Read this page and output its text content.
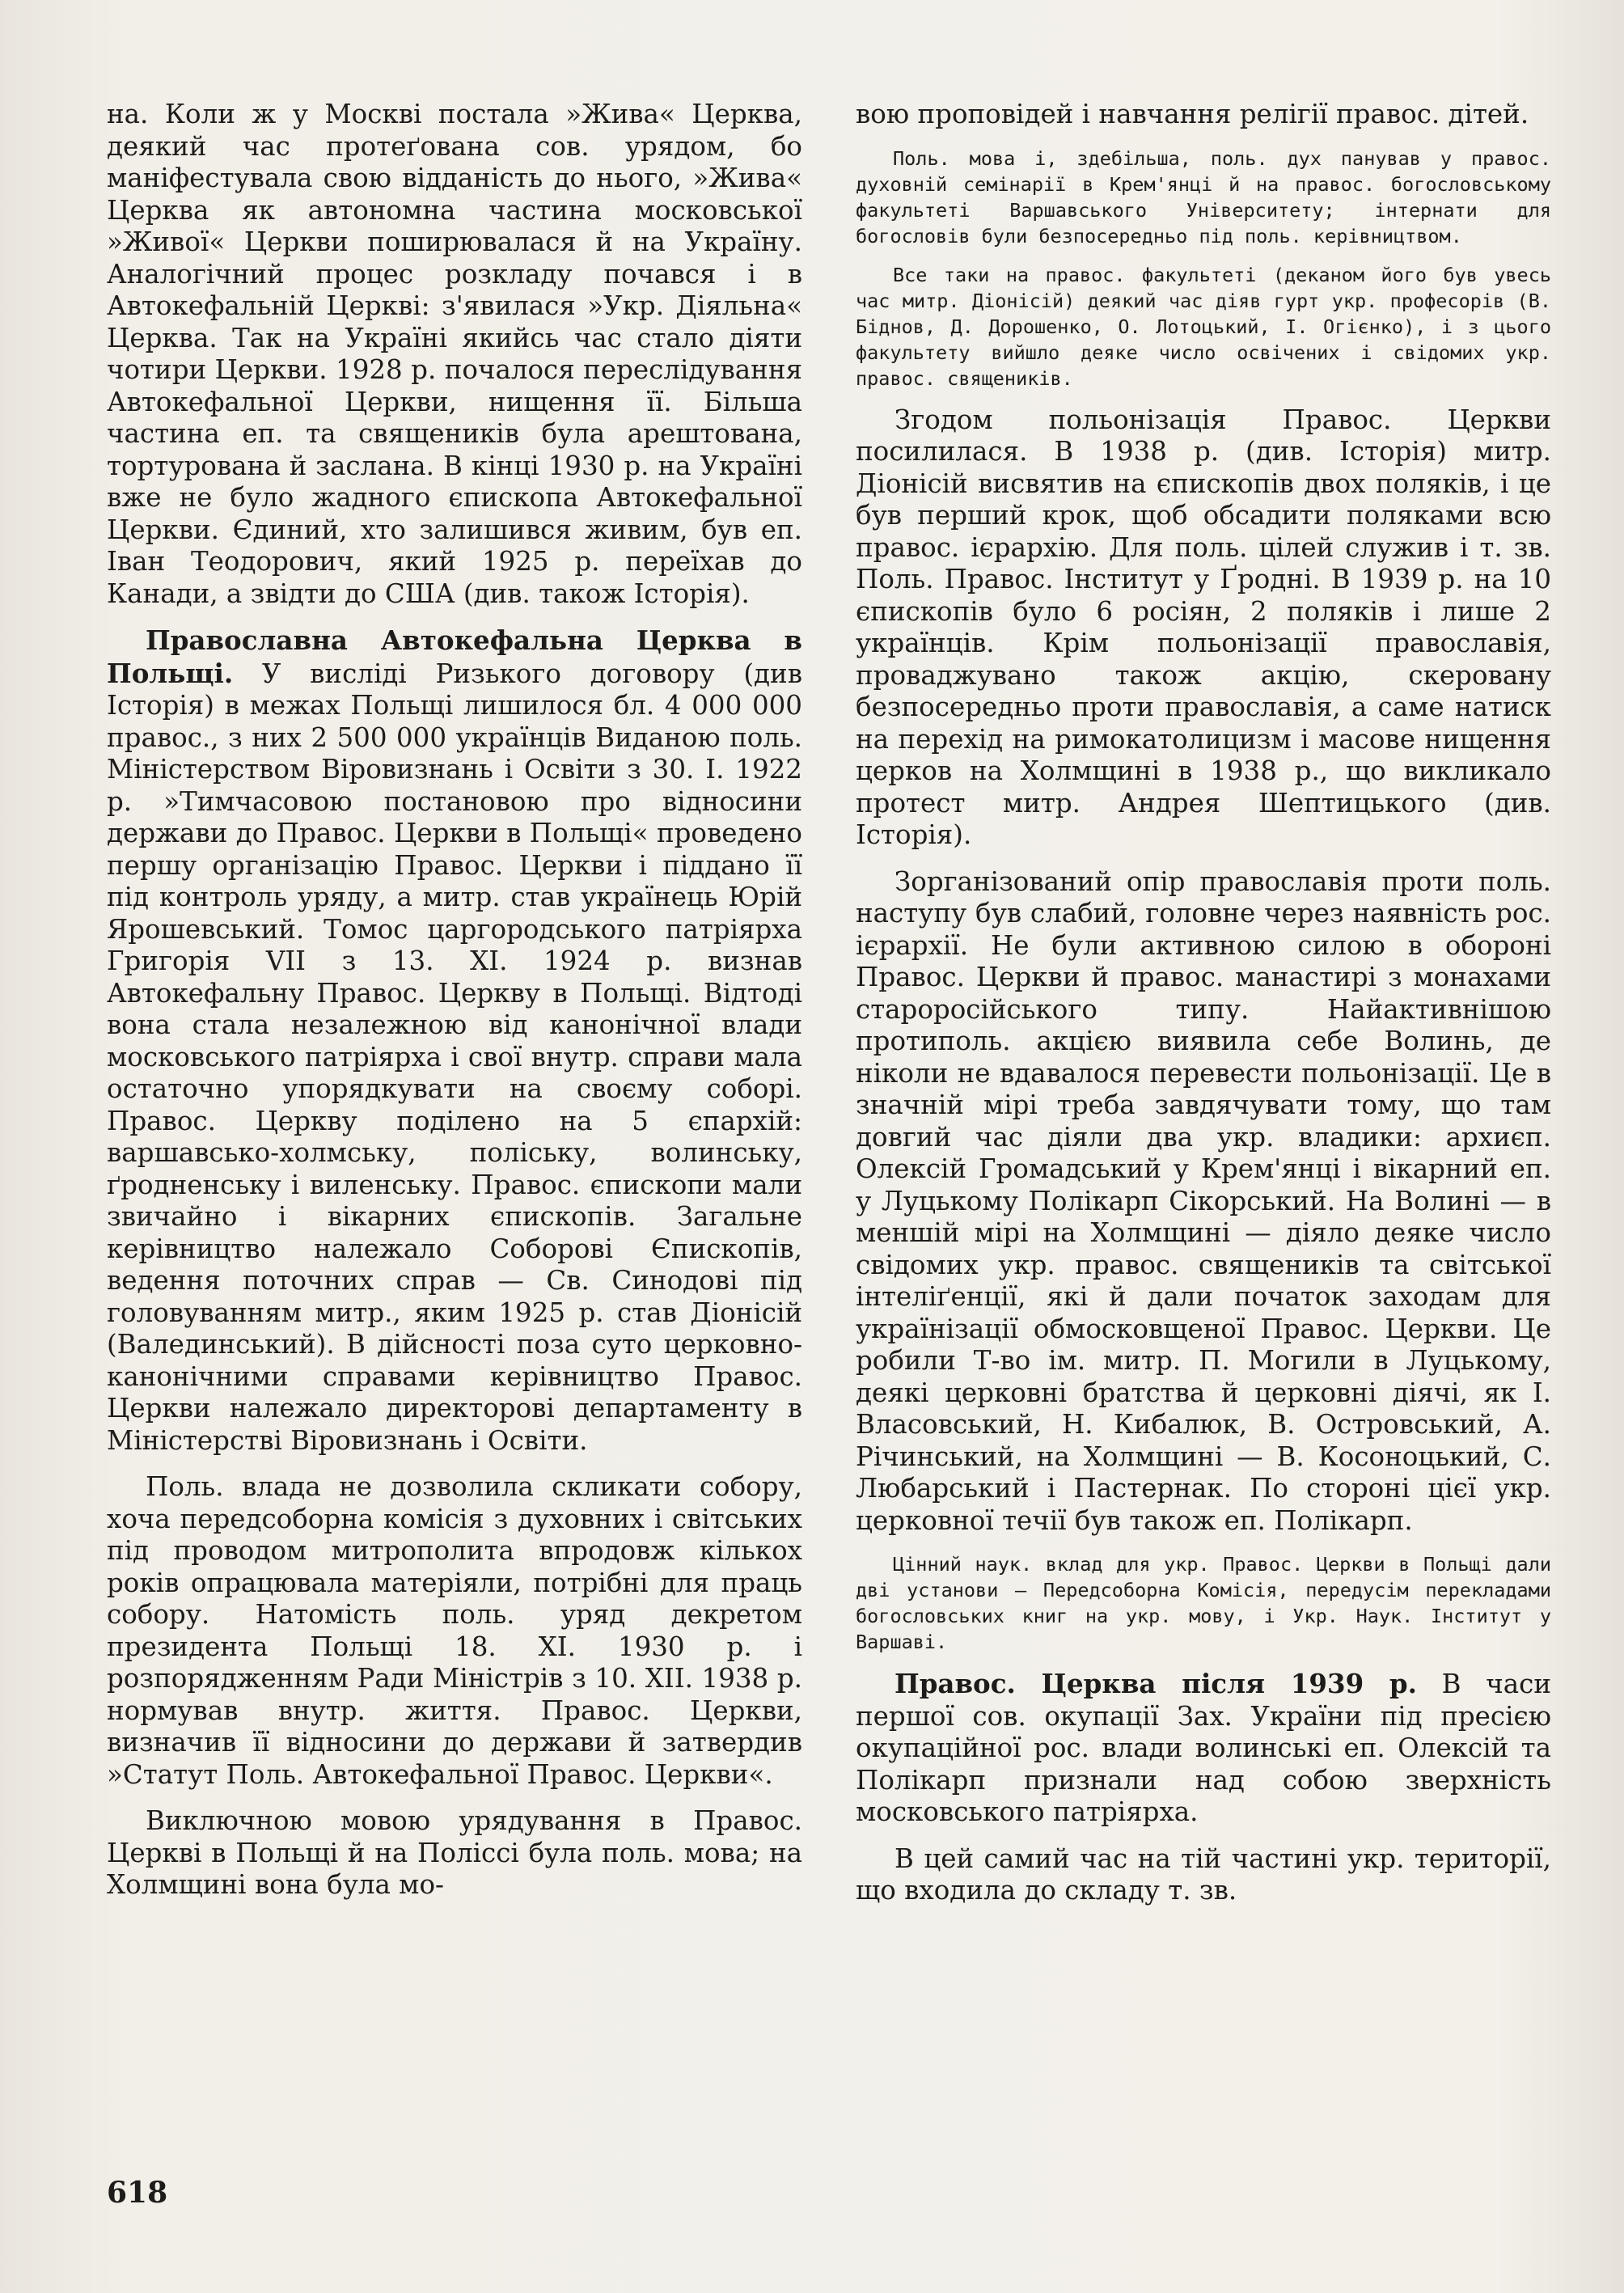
на. Коли ж у Москві постала »Жива« Церква, деякий час протеґована сов. урядом, бо маніфестувала свою відданість до нього, »Жива« Церква як автономна частина московської »Живої« Церкви поширювалася й на Україну. Аналогічний процес розкладу почався і в Автокефальній Церкві: з'явилася »Укр. Діяльна« Церква. Так на Україні якийсь час стало діяти чотири Церкви. 1928 р. почалося переслідування Автокефальної Церкви, нищення її. Більша частина еп. та священиків була арештована, тортурована й заслана. В кінці 1930 р. на Україні вже не було жадного єпископа Автокефальної Церкви. Єдиний, хто залишився живим, був еп. Іван Теодорович, який 1925 р. переїхав до Канади, а звідти до США (див. також Історія).

Православна Автокефальна Церква в Польщі. У висліді Ризького договору (див Історія) в межах Польщі лишилося бл. 4 000 000 правос., з них 2 500 000 українців Виданою поль. Міністерством Віровизнань і Освіти з 30. І. 1922 р. »Тимчасовою постановою про відносини держави до Правос. Церкви в Польщі« проведено першу організацію Правос. Церкви і піддано її під контроль уряду, а митр. став українець Юрій Ярошевський. Томос царгородського патріярха Григорія VII з 13. XI. 1924 р. визнав Автокефальну Правос. Церкву в Польщі. Відтоді вона стала незалежною від канонічної влади московського патріярха і свої внутр. справи мала остаточно упорядкувати на своєму соборі. Правос. Церкву поділено на 5 єпархій: варшавсько-холмську, поліську, волинську, ґродненську і виленську. Правос. єпископи мали звичайно і вікарних єпископів. Загальне керівництво належало Соборові Єпископів, ведення поточних справ — Св. Синодові під головуванням митр., яким 1925 р. став Діонісій (Валединський). В дійсності поза суто церковно-канонічними справами керівництво Правос. Церкви належало директорові департаменту в Міністерстві Віровизнань і Освіти.

Поль. влада не дозволила скликати собору, хоча передсоборна комісія з духовних і світських під проводом митрополита впродовж кількох років опрацювала матеріяли, потрібні для праць собору. Натомість поль. уряд декретом президента Польщі 18. XI. 1930 р. і розпорядженням Ради Міністрів з 10. XII. 1938 р. нормував внутр. життя. Правос. Церкви, визначив її відносини до держави й затвердив »Статут Поль. Автокефальної Правос. Церкви«.

Виключною мовою урядування в Правос. Церкві в Польщі й на Поліссі була поль. мова; на Холмщині вона була мо-

вою проповідей і навчання релігії правос. дітей.

Поль. мова і, здебільша, поль. дух панував у правос. духовній семінарії в Крем'янці й на правос. богословському факультеті Варшавського Університету; інтернати для богословів були безпосередньо під поль. керівництвом.

Все таки на правос. факультеті (деканом його був увесь час митр. Діонісій) деякий час діяв гурт укр. професорів (В. Біднов, Д. Дорошенко, О. Лотоцький, І. Огієнко), і з цього факультету вийшло деяке число освічених і свідомих укр. правос. священиків.

Згодом польонізація Правос. Церкви посилилася. В 1938 р. (див. Історія) митр. Діонісій висвятив на єпископів двох поляків, і це був перший крок, щоб обсадити поляками всю правос. ієрархію. Для поль. цілей служив і т. зв. Поль. Правос. Інститут у Ґродні. В 1939 р. на 10 єпископів було 6 росіян, 2 поляків і лише 2 українців. Крім польонізації православія, проваджувано також акцію, скеровану безпосередньо проти православія, а саме натиск на перехід на римокатолицизм і масове нищення церков на Холмщині в 1938 р., що викликало протест митр. Андрея Шептицького (див. Історія).

Зорганізований опір православія проти поль. наступу був слабий, головне через наявність рос. ієрархії. Не були активною силою в обороні Правос. Церкви й правос. манастирі з монахами староросійського типу. Найактивнішою протиполь. акцією виявила себе Волинь, де ніколи не вдавалося перевести польонізації. Це в значній мірі треба завдячувати тому, що там довгий час діяли два укр. владики: архиєп. Олексій Громадський у Крем'янці і вікарний еп. у Луцькому Полікарп Сікорський. На Волині — в меншій мірі на Холмщині — діяло деяке число свідомих укр. правос. священиків та світської інтеліґенції, які й дали початок заходам для українізації обмосковщеної Правос. Церкви. Це робили Т-во ім. митр. П. Могили в Луцькому, деякі церковні братства й церковні діячі, як І. Власовський, Н. Кибалюк, В. Островський, А. Річинський, на Холмщині — В. Косоноцький, С. Любарський і Пастернак. По стороні цієї укр. церковної течії був також еп. Полікарп.

Цінний наук. вклад для укр. Правос. Церкви в Польщі дали дві установи — Передсоборна Комісія, передусім перекладами богословських книг на укр. мову, і Укр. Наук. Інститут у Варшаві.

Правос. Церква після 1939 р. В часи першої сов. окупації Зах. України під пресією окупаційної рос. влади волинські еп. Олексій та Полікарп признали над собою зверхність московського патріярха.

В цей самий час на тій частині укр. території, що входила до складу т. зв.

618
